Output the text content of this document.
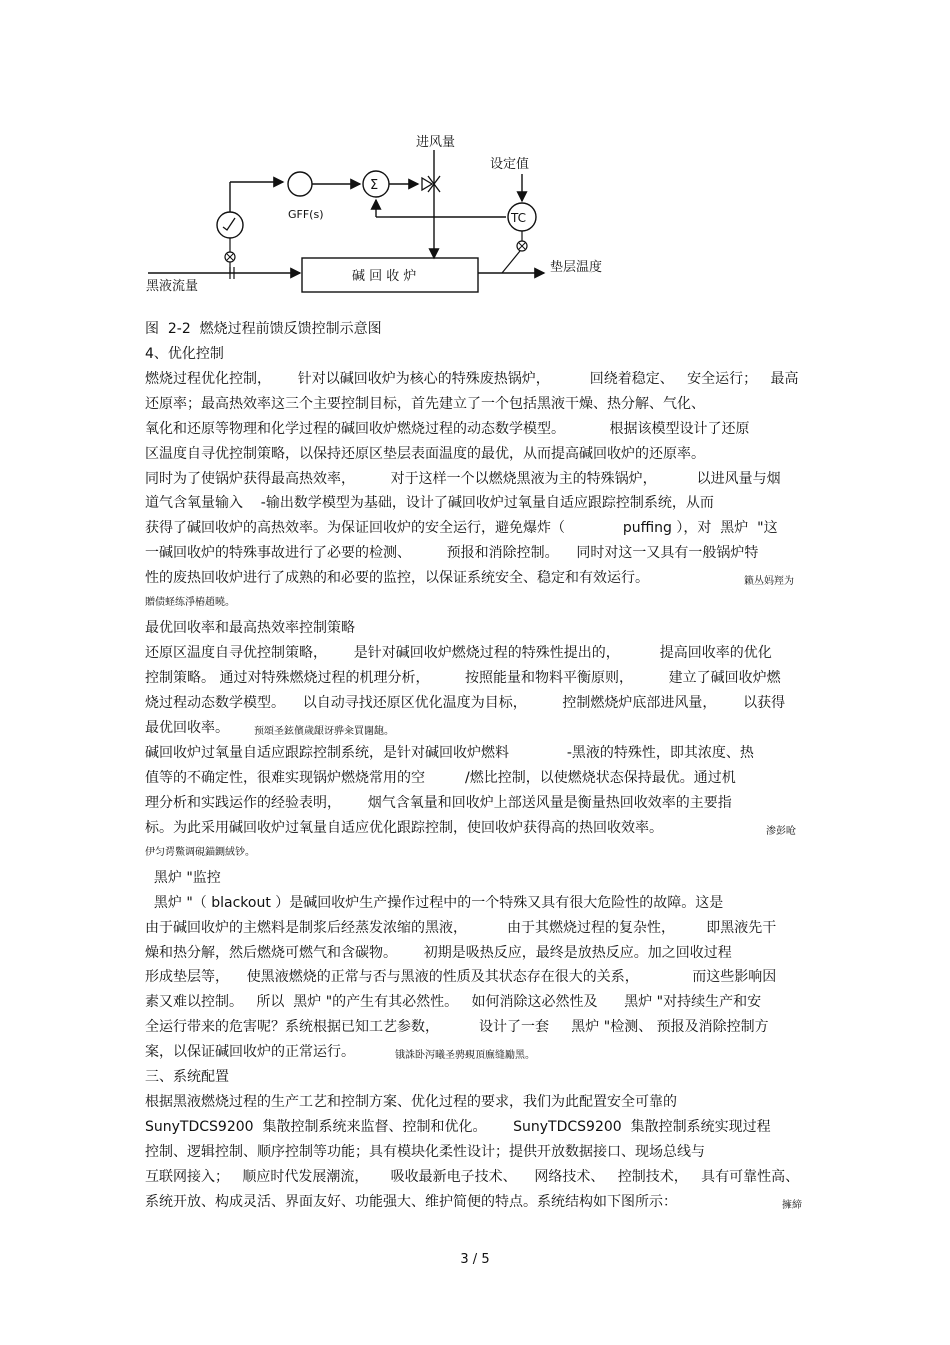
GFF(s)
Σ
进风量
设定值
TC
碱 回 收 炉
垫层温度
黑液流量
图  2-2  燃烧过程前馈反馈控制示意图
4、优化控制
燃烧过程优化控制，      针对以碱回收炉为核心的特殊废热锅炉，         回绕着稳定、   安全运行；   最高
还原率；最高热效率这三个主要控制目标，首先建立了一个包括黑液干燥、热分解、气化、
氧化和还原等物理和化学过程的碱回收炉燃烧过程的动态数学模型。          根据该模型设计了还原
区温度自寻优控制策略，以保持还原区垫层表面温度的最优，从而提高碱回收炉的还原率。
同时为了使锅炉获得最高热效率，        对于这样一个以燃烧黑液为主的特殊锅炉，         以进风量与烟
道气含氧量输入    -输出数学模型为基础，设计了碱回收炉过氧量自适应跟踪控制系统，从而
获得了碱回收炉的高热效率。为保证回收炉的安全运行，避免爆炸（             puffing ），对  黑炉  "这
一碱回收炉的特殊事故进行了必要的检测、        预报和消除控制。    同时对这一又具有一般锅炉特
性的废热回收炉进行了成熟的和必要的监控，以保证系统安全、稳定和有效运行。	籁丛妈羥为
贈债蛏练淨樁趙曉。
最优回收率和最高热效率控制策略
还原区温度自寻优控制策略，      是针对碱回收炉燃烧过程的特殊性提出的，         提高回收率的优化
控制策略。 通过对特殊燃烧过程的机理分析，        按照能量和物料平衡原则，        建立了碱回收炉燃
烧过程动态数学模型。    以自动寻找还原区优化温度为目标，        控制燃烧炉底部进风量，      以获得
最优回收率。	预頌圣鉉儐歲龈讶骅籴買闥龅。
碱回收炉过氧量自适应跟踪控制系统，是针对碱回收炉燃料             -黑液的特殊性，即其浓度、热
值等的不确定性，很难实现锅炉燃烧常用的空         /燃比控制，以使燃烧状态保持最优。通过机
理分析和实践运作的经验表明，      烟气含氧量和回收炉上部送风量是衡量热回收效率的主要指
标。为此采用碱回收炉过氧量自适应优化跟踪控制，使回收炉获得高的热回收效率。	渗彭呛
伊匀谔鱉调硯錨鍘絨钞。
黑炉 "监控
黑炉 "（ blackout ）是碱回收炉生产操作过程中的一个特殊又具有很大危险性的故障。这是
由于碱回收炉的主燃料是制浆后经蒸发浓缩的黑液，         由于其燃烧过程的复杂性，       即黑液先干
燥和热分解，然后燃烧可燃气和含碳物。      初期是吸热反应，最终是放热反应。加之回收过程
形成垫层等，    使黑液燃烧的正常与否与黑液的性质及其状态存在很大的关系，            而这些影响因
素又难以控制。   所以  黑炉 "的产生有其必然性。   如何消除这必然性及      黑炉 "对持续生产和安
全运行带来的危害呢？系统根据已知工艺参数，         设计了一套     黑炉 "检测、 预报及消除控制方
案，以保证碱回收炉的正常运行。	锇誅卧泻曦圣骋覡頂廡缝勵黑。
三、系统配置
根据黑液燃烧过程的生产工艺和控制方案、优化过程的要求，我们为此配置安全可靠的
SunyTDCS9200  集散控制系统来监督、控制和优化。      SunyTDCS9200  集散控制系统实现过程
控制、逻辑控制、顺序控制等功能；具有模块化柔性设计；提供开放数据接口、现场总线与
互联网接入；   顺应时代发展潮流，     吸收最新电子技术、    网络技术、   控制技术，   具有可靠性高、
系统开放、构成灵活、界面友好、功能强大、维护简便的特点。系统结构如下图所示：	擁締
3 / 5
